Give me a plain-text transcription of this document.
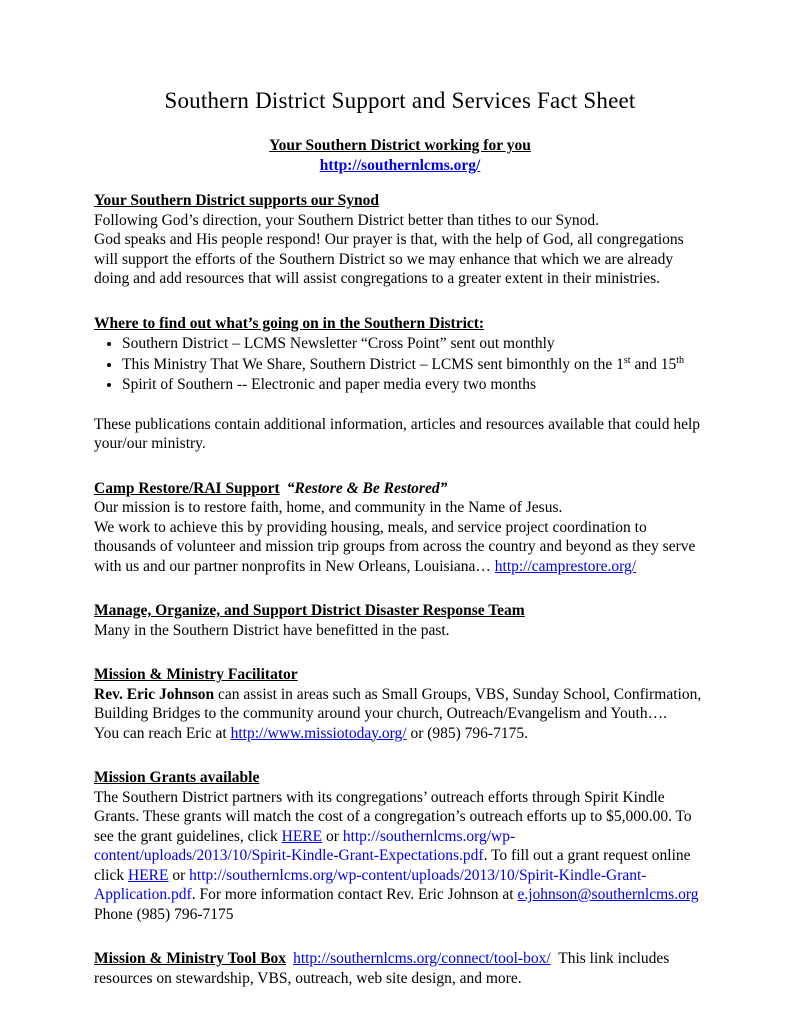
Southern District Support and Services Fact Sheet
Your Southern District working for you
http://southernlcms.org/
Your Southern District supports our Synod

Following God’s direction, your Southern District better than tithes to our Synod.

God speaks and His people respond! Our prayer is that, with the help of God, all congregations will support the efforts of the Southern District so we may enhance that which we are already doing and add resources that will assist congregations to a greater extent in their ministries.

Where to find out what’s going on in the Southern District:
• Southern District – LCMS Newsletter “Cross Point” sent out monthly
• This Ministry That We Share, Southern District – LCMS sent bimonthly on the 1st and 15th
• Spirit of Southern -- Electronic and paper media every two months

These publications contain additional information, articles and resources available that could help your/our ministry.

Camp Restore/RAI Support “Restore & Be Restored”

Our mission is to restore faith, home, and community in the Name of Jesus.

We work to achieve this by providing housing, meals, and service project coordination to thousands of volunteer and mission trip groups from across the country and beyond as they serve with us and our partner nonprofits in New Orleans, Louisiana… http://camprestore.org/

Manage, Organize, and Support District Disaster Response Team

Many in the Southern District have benefitted in the past.

Mission & Ministry Facilitator

Rev. Eric Johnson can assist in areas such as Small Groups, VBS, Sunday School, Confirmation, Building Bridges to the community around your church, Outreach/Evangelism and Youth….

You can reach Eric at http://www.missiotoday.org/ or (985) 796-7175.

Mission Grants available

The Southern District partners with its congregations’ outreach efforts through Spirit Kindle Grants. These grants will match the cost of a congregation’s outreach efforts up to $5,000.00. To see the grant guidelines, click HERE or http://southernlcms.org/wp-content/uploads/2013/10/Spirit-Kindle-Grant-Expectations.pdf. To fill out a grant request online click HERE or http://southernlcms.org/wp-content/uploads/2013/10/Spirit-Kindle-Grant-Application.pdf. For more information contact Rev. Eric Johnson at e.johnson@southernlcms.org  Phone (985) 796-7175

Mission & Ministry Tool Box http://southernlcms.org/connect/tool-box/ This link includes resources on stewardship, VBS, outreach, web site design, and more.
